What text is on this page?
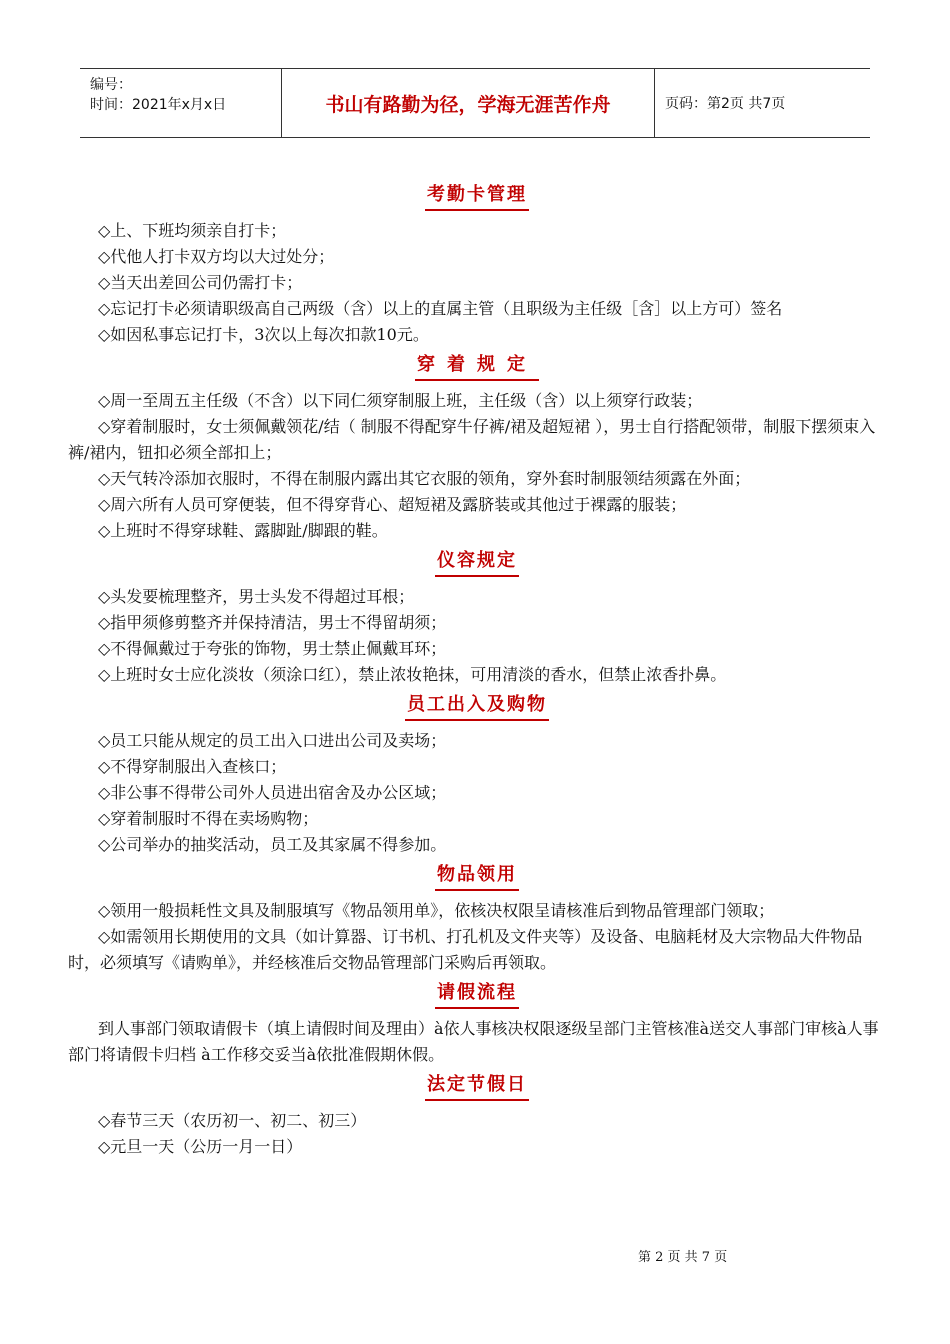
编号：
时间：2021年x月x日	书山有路勤为径，学海无涯苦作舟	页码：第2页 共7页
考勤卡管理

◇上、下班均须亲自打卡；

◇代他人打卡双方均以大过处分；

◇当天出差回公司仍需打卡；

◇忘记打卡必须请职级高自己两级（含）以上的直属主管（且职级为主任级［含］以上方可）签名

◇如因私事忘记打卡，3次以上每次扣款10元。

穿着规定

◇周一至周五主任级（不含）以下同仁须穿制服上班，主任级（含）以上须穿行政装；

◇穿着制服时，女士须佩戴领花/结（ 制服不得配穿牛仔裤/裙及超短裙 ），男士自行搭配领带，制服下摆须束入裤/裙内，钮扣必须全部扣上；

◇天气转冷添加衣服时，不得在制服内露出其它衣服的领角，穿外套时制服领结须露在外面；

◇周六所有人员可穿便装，但不得穿背心、超短裙及露脐装或其他过于裸露的服装；

◇上班时不得穿球鞋、露脚趾/脚跟的鞋。

仪容规定

◇头发要梳理整齐，男士头发不得超过耳根；

◇指甲须修剪整齐并保持清洁，男士不得留胡须；

◇不得佩戴过于夸张的饰物，男士禁止佩戴耳环；

◇上班时女士应化淡妆（须涂口红），禁止浓妆艳抹，可用清淡的香水，但禁止浓香扑鼻。

员工出入及购物

◇员工只能从规定的员工出入口进出公司及卖场；

◇不得穿制服出入查核口；

◇非公事不得带公司外人员进出宿舍及办公区域；

◇穿着制服时不得在卖场购物；

◇公司举办的抽奖活动，员工及其家属不得参加。

物品领用

◇领用一般损耗性文具及制服填写《物品领用单》，依核决权限呈请核准后到物品管理部门领取；

◇如需领用长期使用的文具（如计算器、订书机、打孔机及文件夹等）及设备、电脑耗材及大宗物品大件物品时，必须填写《请购单》，并经核准后交物品管理部门采购后再领取。

请假流程

到人事部门领取请假卡（填上请假时间及理由）à依人事核决权限逐级呈部门主管核准à送交人事部门审核à人事部门将请假卡归档 à工作移交妥当à依批准假期休假。

法定节假日

◇春节三天（农历初一、初二、初三）

◇元旦一天（公历一月一日）

第 2 页 共 7 页
